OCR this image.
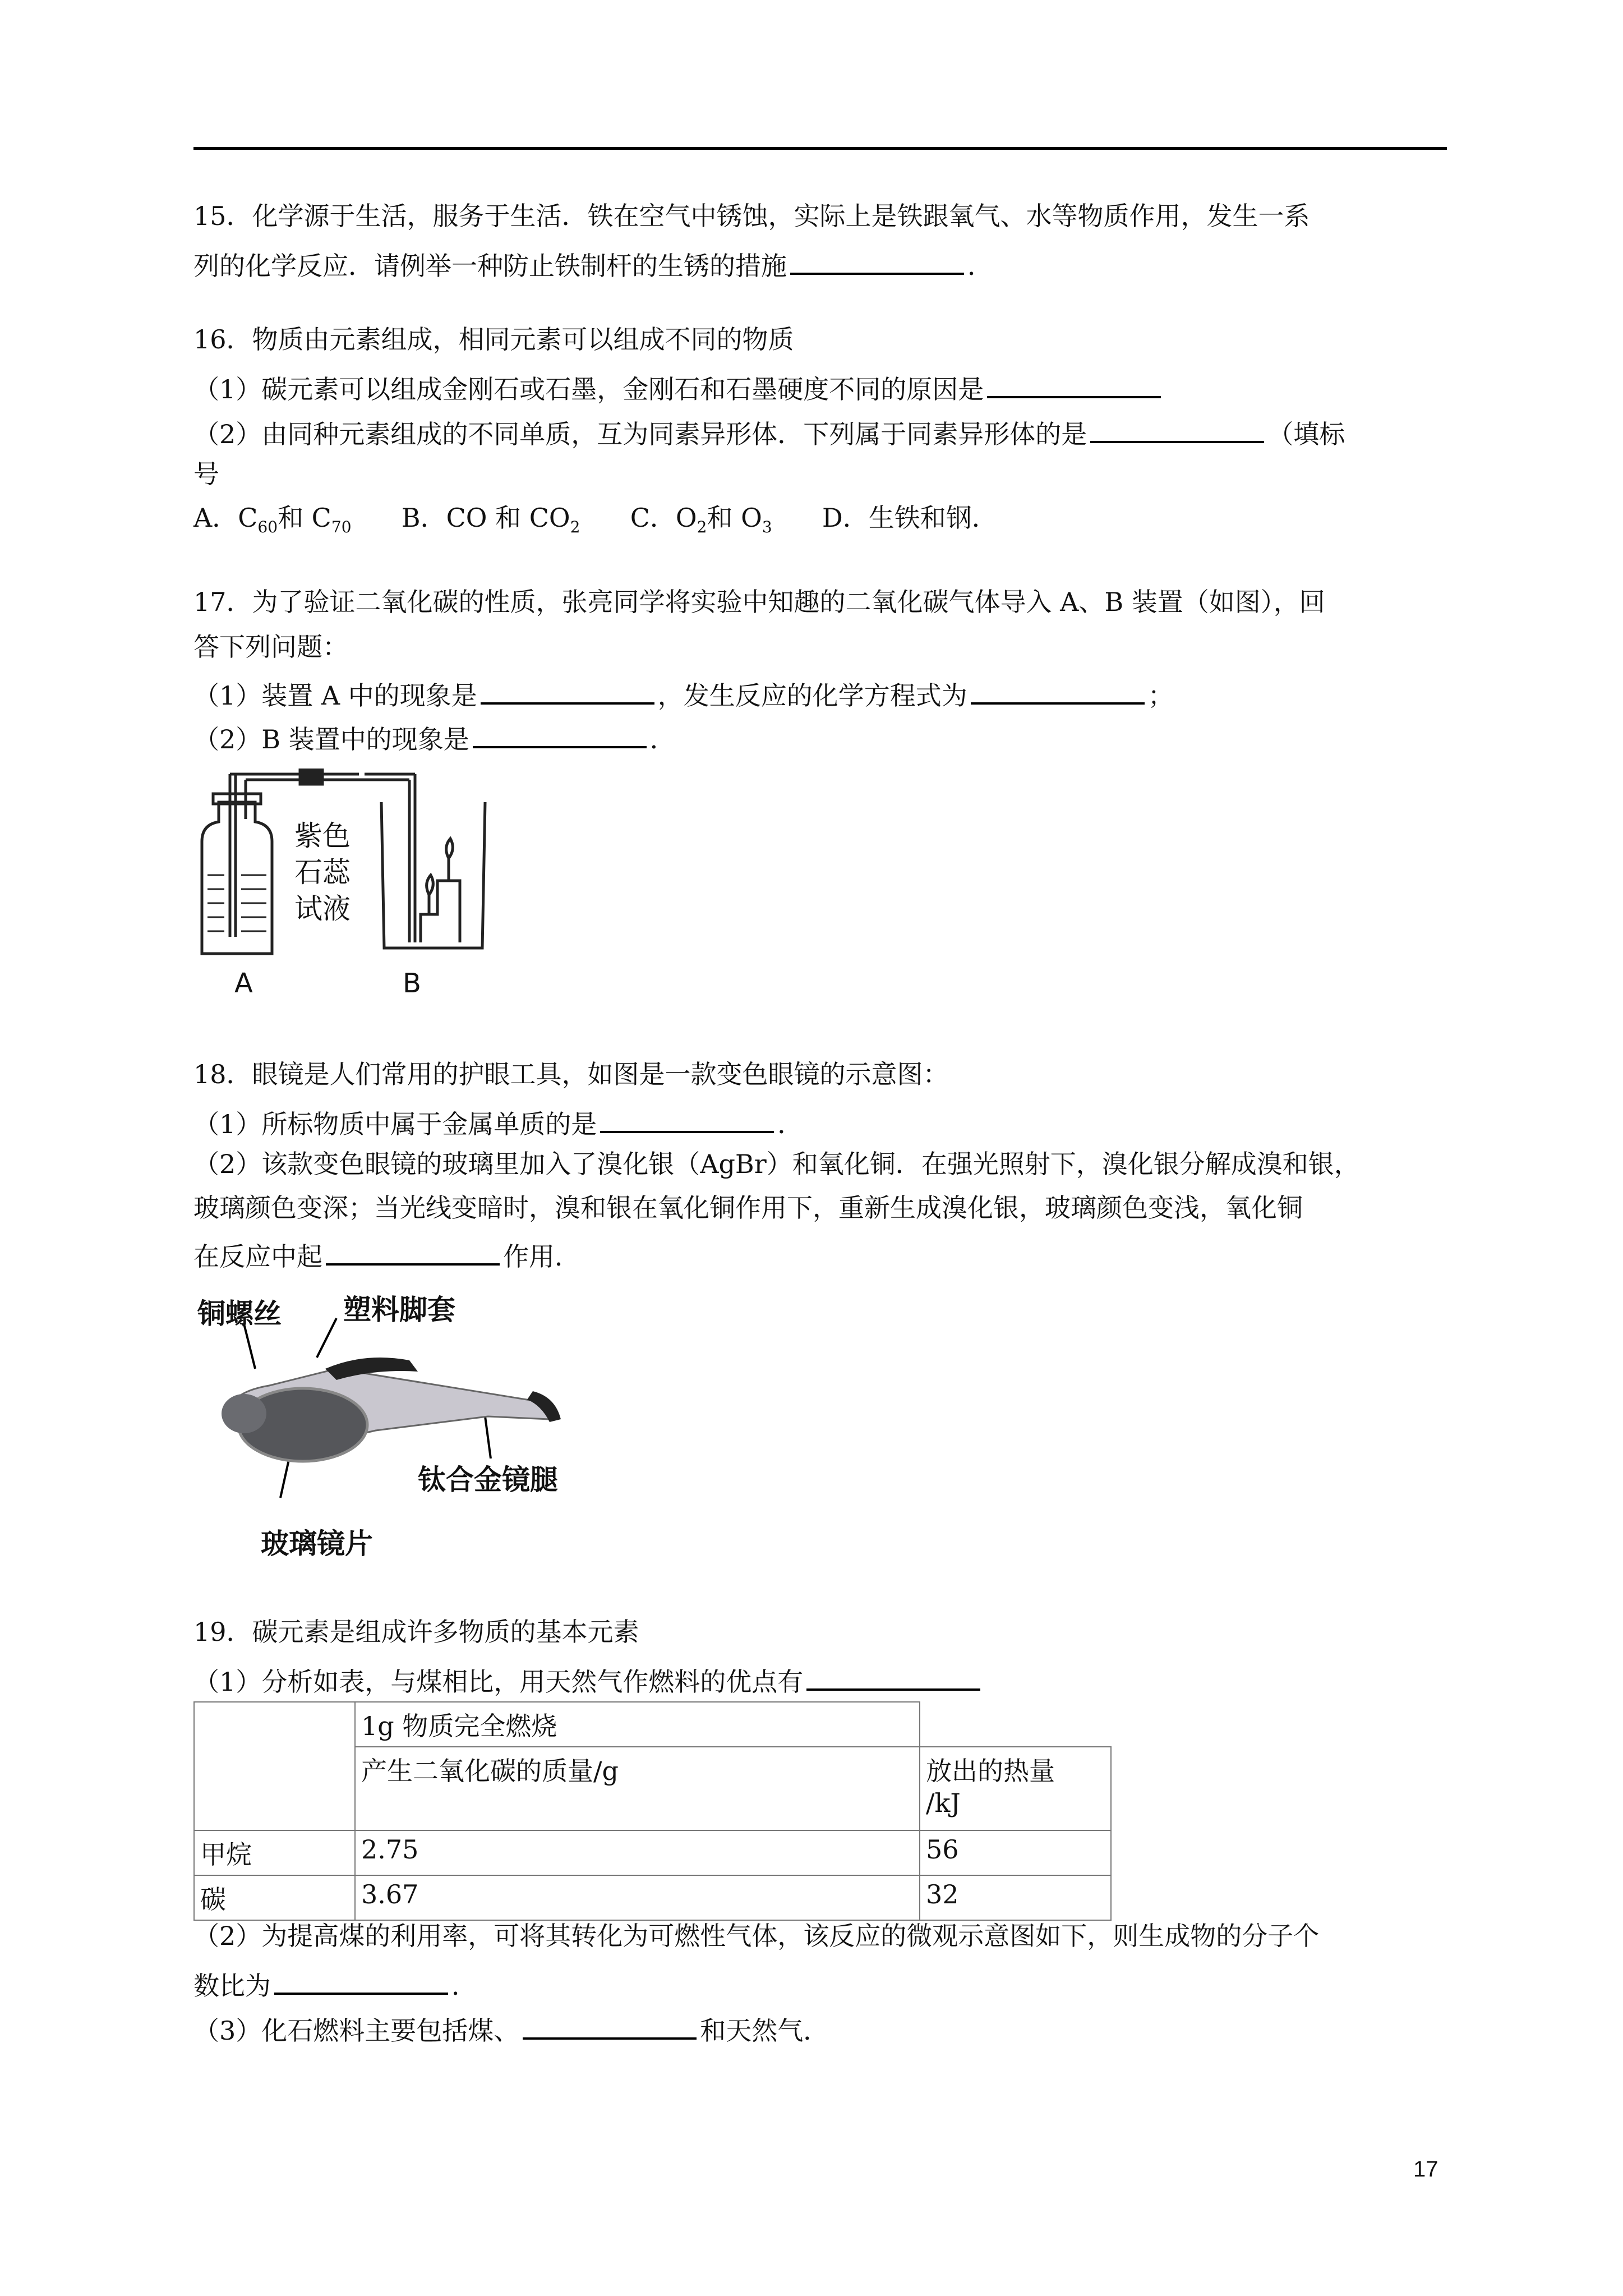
15．化学源于生活，服务于生活．铁在空气中锈蚀，实际上是铁跟氧气、水等物质作用，发生一系
列的化学反应．请例举一种防止铁制杆的生锈的措施	．
16．物质由元素组成，相同元素可以组成不同的物质
（1）碳元素可以组成金刚石或石墨，金刚石和石墨硬度不同的原因是
（2）由同种元素组成的不同单质，互为同素异形体．下列属于同素异形体的是	（填标
号
A．$C_{60}$和 $C_{70}$ B．CO 和 $CO_2$ C．$O_2$和 $O_3$ D．生铁和钢．
17．为了验证二氧化碳的性质，张亮同学将实验中知趣的二氧化碳气体导入 A、B 装置（如图），回
答下列问题：
（1）装置 A 中的现象是	，发生反应的化学方程式为	；
（2）B 装置中的现象是	．
紫色
石蕊
试液
A	B
18．眼镜是人们常用的护眼工具，如图是一款变色眼镜的示意图：
（1）所标物质中属于金属单质的是	．
（2）该款变色眼镜的玻璃里加入了溴化银（AgBr）和氧化铜．在强光照射下，溴化银分解成溴和银，
玻璃颜色变深；当光线变暗时，溴和银在氧化铜作用下，重新生成溴化银，玻璃颜色变浅，氧化铜
在反应中起	作用．
铜螺丝 塑料脚套
钛合金镜腿
玻璃镜片
19．碳元素是组成许多物质的基本元素
（1）分析如表，与煤相比，用天然气作燃料的优点有
	1g 物质完全燃烧	
	产生二氧化碳的质量/g	放出的热量
/kJ

甲烷	2.75	56
碳	3.67	32
（2）为提高煤的利用率，可将其转化为可燃性气体，该反应的微观示意图如下，则生成物的分子个
数比为	．
（3）化石燃料主要包括煤、	和天然气．
17
